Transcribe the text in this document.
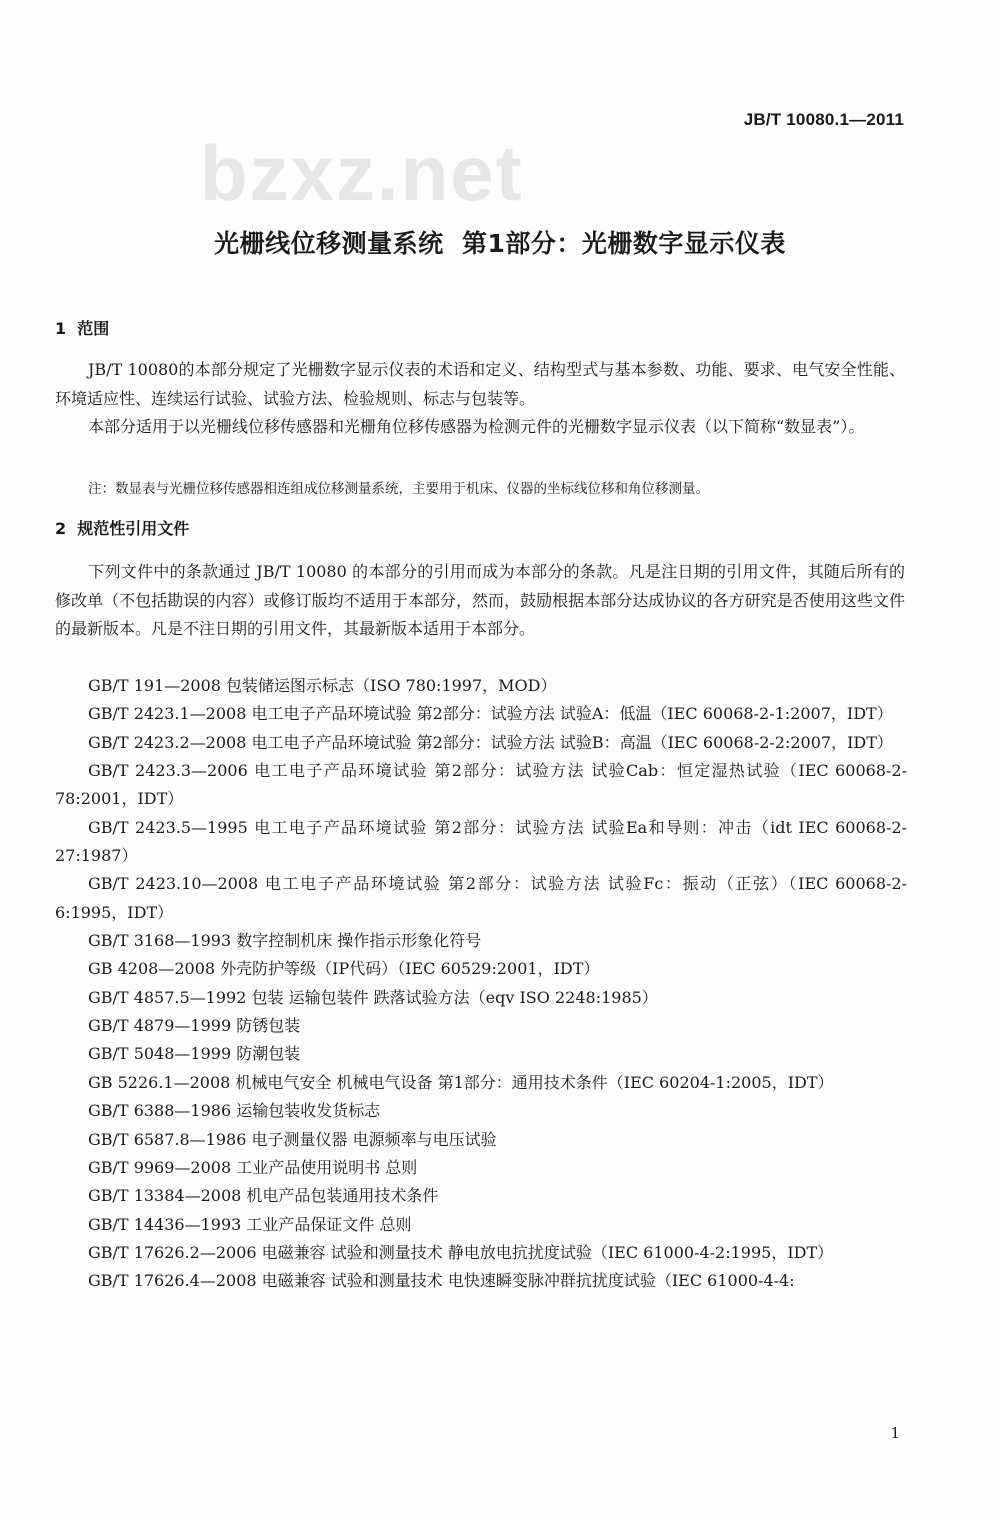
bzxz.net
JB/T 10080.1—2011
光栅线位移测量系统  第1部分：光栅数字显示仪表
1  范围
JB/T 10080的本部分规定了光栅数字显示仪表的术语和定义、结构型式与基本参数、功能、要求、电气安全性能、环境适应性、连续运行试验、试验方法、检验规则、标志与包装等。
本部分适用于以光栅线位移传感器和光栅角位移传感器为检测元件的光栅数字显示仪表（以下简称“数显表”）。
注：数显表与光栅位移传感器相连组成位移测量系统，主要用于机床、仪器的坐标线位移和角位移测量。
2  规范性引用文件
下列文件中的条款通过 JB/T 10080 的本部分的引用而成为本部分的条款。凡是注日期的引用文件，其随后所有的修改单（不包括勘误的内容）或修订版均不适用于本部分，然而，鼓励根据本部分达成协议的各方研究是否使用这些文件的最新版本。凡是不注日期的引用文件，其最新版本适用于本部分。
GB/T 191—2008 包装储运图示标志（ISO 780:1997，MOD）
GB/T 2423.1—2008 电工电子产品环境试验 第2部分：试验方法 试验A：低温（IEC 60068-2-1:2007，IDT）
GB/T 2423.2—2008 电工电子产品环境试验 第2部分：试验方法 试验B：高温（IEC 60068-2-2:2007，IDT）
GB/T 2423.3—2006 电工电子产品环境试验 第2部分：试验方法 试验Cab：恒定湿热试验（IEC 60068-2-78:2001，IDT）
GB/T 2423.5—1995 电工电子产品环境试验 第2部分：试验方法 试验Ea和导则：冲击（idt IEC 60068-2-27:1987）
GB/T 2423.10—2008 电工电子产品环境试验 第2部分：试验方法 试验Fc：振动（正弦）（IEC 60068-2-6:1995，IDT）
GB/T 3168—1993 数字控制机床 操作指示形象化符号
GB 4208—2008 外壳防护等级（IP代码）（IEC 60529:2001，IDT）
GB/T 4857.5—1992 包装 运输包装件 跌落试验方法（eqv ISO 2248:1985）
GB/T 4879—1999 防锈包装
GB/T 5048—1999 防潮包装
GB 5226.1—2008 机械电气安全 机械电气设备 第1部分：通用技术条件（IEC 60204-1:2005，IDT）
GB/T 6388—1986 运输包装收发货标志
GB/T 6587.8—1986 电子测量仪器 电源频率与电压试验
GB/T 9969—2008 工业产品使用说明书 总则
GB/T 13384—2008 机电产品包装通用技术条件
GB/T 14436—1993 工业产品保证文件 总则
GB/T 17626.2—2006 电磁兼容 试验和测量技术 静电放电抗扰度试验（IEC 61000-4-2:1995，IDT）
GB/T 17626.4—2008 电磁兼容 试验和测量技术 电快速瞬变脉冲群抗扰度试验（IEC 61000-4-4:
1
